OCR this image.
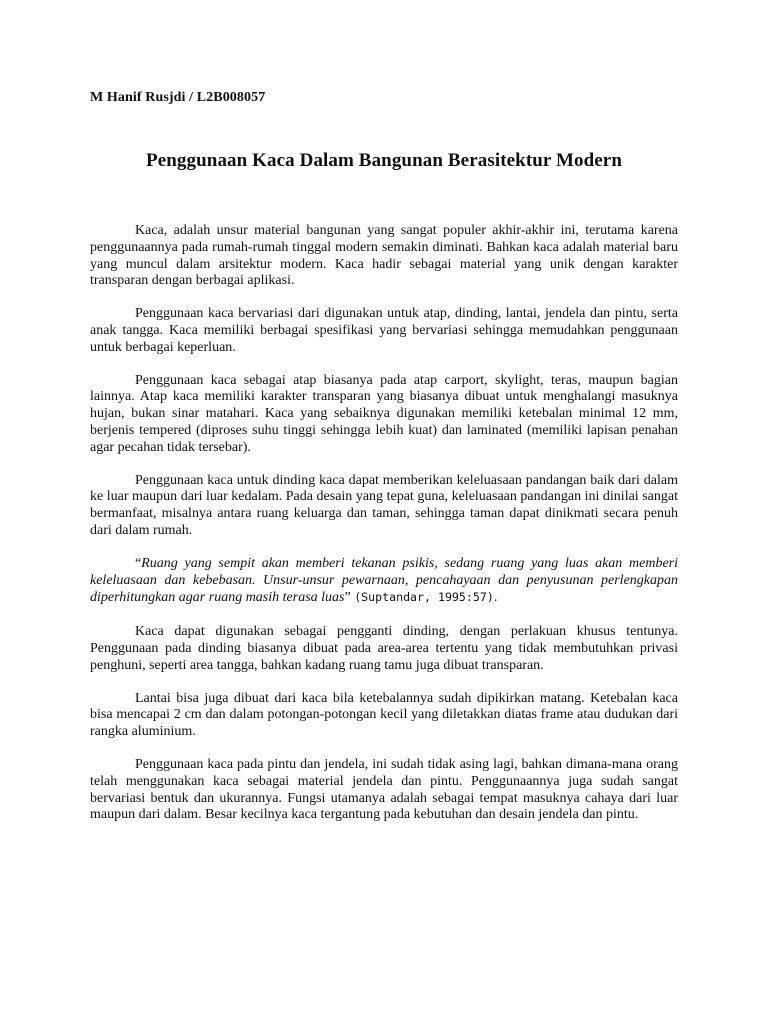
M Hanif Rusjdi / L2B008057
Penggunaan Kaca Dalam Bangunan Berasitektur Modern

Kaca, adalah unsur material bangunan yang sangat populer akhir-akhir ini, terutama karena penggunaannya pada rumah-rumah tinggal modern semakin diminati. Bahkan kaca adalah material baru yang muncul dalam arsitektur modern. Kaca hadir sebagai material yang unik dengan karakter transparan dengan berbagai aplikasi.

Penggunaan kaca bervariasi dari digunakan untuk atap, dinding, lantai, jendela dan pintu, serta anak tangga. Kaca memiliki berbagai spesifikasi yang bervariasi sehingga memudahkan penggunaan untuk berbagai keperluan.

Penggunaan kaca sebagai atap biasanya pada atap carport, skylight, teras, maupun bagian lainnya. Atap kaca memiliki karakter transparan yang biasanya dibuat untuk menghalangi masuknya hujan, bukan sinar matahari. Kaca yang sebaiknya digunakan memiliki ketebalan minimal 12 mm, berjenis tempered (diproses suhu tinggi sehingga lebih kuat) dan laminated (memiliki lapisan penahan agar pecahan tidak tersebar).

Penggunaan kaca untuk dinding kaca dapat memberikan keleluasaan pandangan baik dari dalam ke luar maupun dari luar kedalam. Pada desain yang tepat guna, keleluasaan pandangan ini dinilai sangat bermanfaat, misalnya antara ruang keluarga dan taman, sehingga taman dapat dinikmati secara penuh dari dalam rumah.

“Ruang yang sempit akan memberi tekanan psikis, sedang ruang yang luas akan memberi keleluasaan dan kebebasan. Unsur-unsur pewarnaan, pencahayaan dan penyusunan perlengkapan diperhitungkan agar ruang masih terasa luas” (Suptandar, 1995:57).

Kaca dapat digunakan sebagai pengganti dinding, dengan perlakuan khusus tentunya. Penggunaan pada dinding biasanya dibuat pada area-area tertentu yang tidak membutuhkan privasi penghuni, seperti area tangga, bahkan kadang ruang tamu juga dibuat transparan.

Lantai bisa juga dibuat dari kaca bila ketebalannya sudah dipikirkan matang. Ketebalan kaca bisa mencapai 2 cm dan dalam potongan-potongan kecil yang diletakkan diatas frame atau dudukan dari rangka aluminium.

Penggunaan kaca pada pintu dan jendela, ini sudah tidak asing lagi, bahkan dimana-mana orang telah menggunakan kaca sebagai material jendela dan pintu. Penggunaannya juga sudah sangat bervariasi bentuk dan ukurannya. Fungsi utamanya adalah sebagai tempat masuknya cahaya dari luar maupun dari dalam. Besar kecilnya kaca tergantung pada kebutuhan dan desain jendela dan pintu.
